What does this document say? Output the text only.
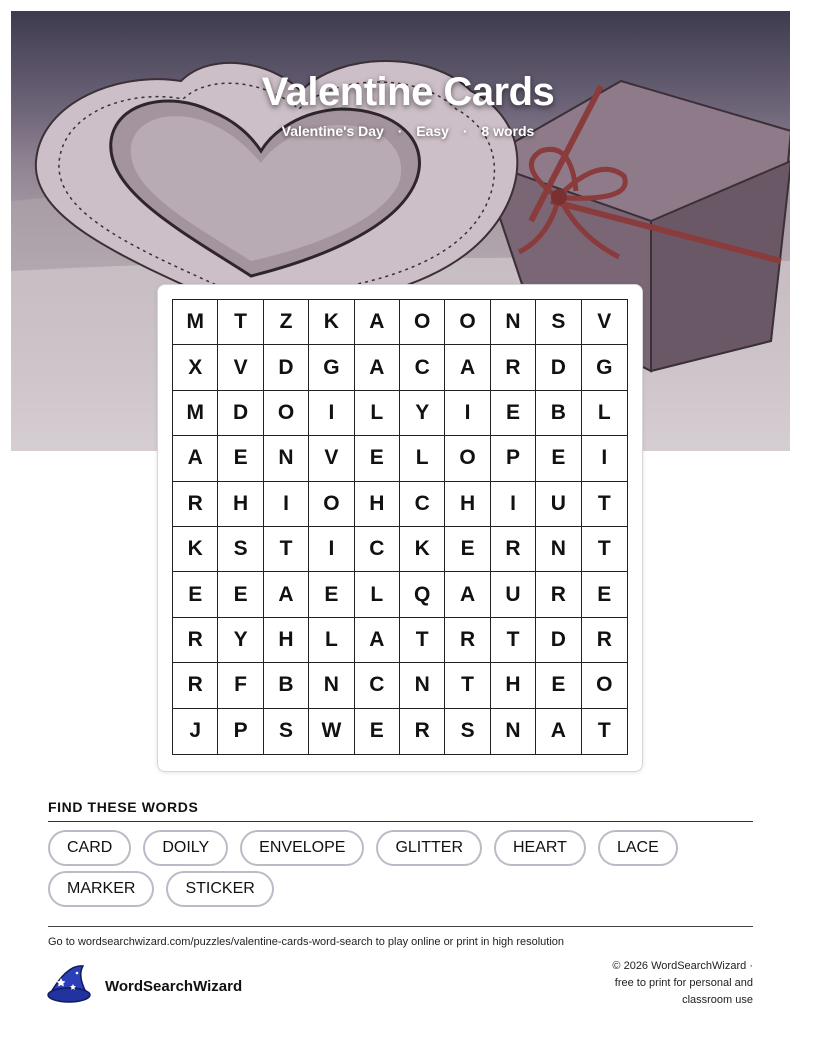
Valentine Cards
Valentine's Day · Easy · 8 words
M	T	Z	K	A	O	O	N	S	V
X	V	D	G	A	C	A	R	D	G
M	D	O	I	L	Y	I	E	B	L
A	E	N	V	E	L	O	P	E	I
R	H	I	O	H	C	H	I	U	T
K	S	T	I	C	K	E	R	N	T
E	E	A	E	L	Q	A	U	R	E
R	Y	H	L	A	T	R	T	D	R
R	F	B	N	C	N	T	H	E	O
J	P	S	W	E	R	S	N	A	T
FIND THESE WORDS
CARD	DOILY	ENVELOPE	GLITTER	HEART	LACE
MARKER	STICKER
Go to wordsearchwizard.com/puzzles/valentine-cards-word-search to play online or print in high resolution
WordSearchWizard
© 2026 WordSearchWizard ·
free to print for personal and
classroom use
